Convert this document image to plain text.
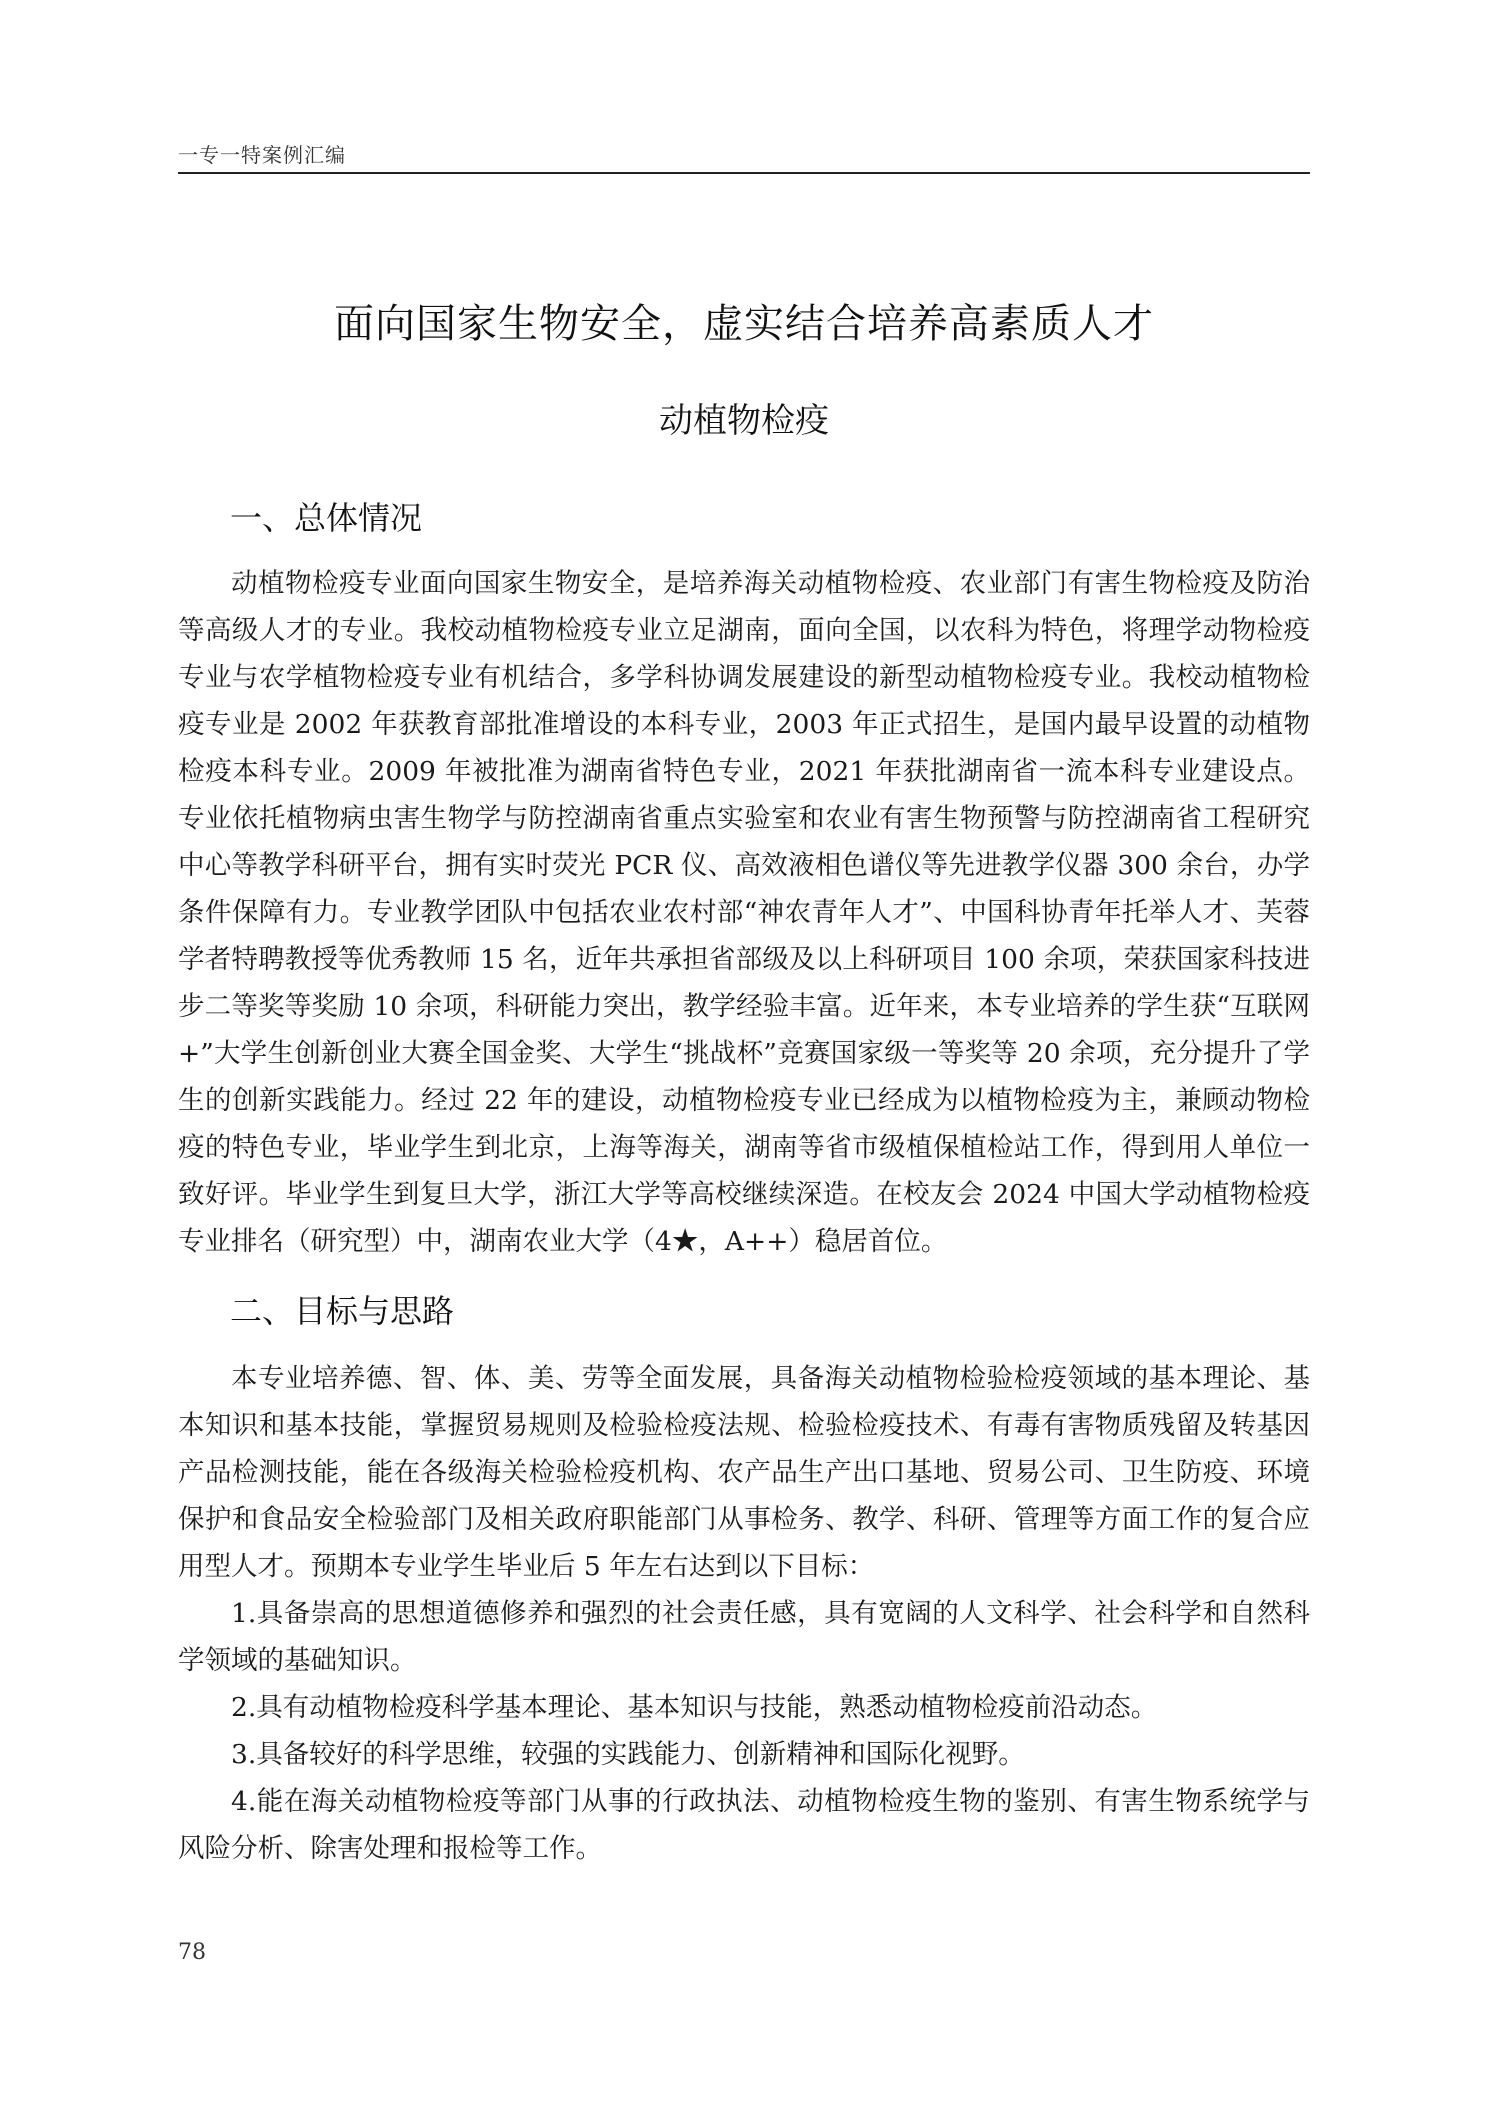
一专一特案例汇编
面向国家生物安全，虚实结合培养高素质人才
动植物检疫
一、总体情况

动植物检疫专业面向国家生物安全，是培养海关动植物检疫、农业部门有害生物检疫及防治等高级人才的专业。我校动植物检疫专业立足湖南，面向全国，以农科为特色，将理学动物检疫专业与农学植物检疫专业有机结合，多学科协调发展建设的新型动植物检疫专业。我校动植物检疫专业是 2002 年获教育部批准增设的本科专业，2003 年正式招生，是国内最早设置的动植物检疫本科专业。2009 年被批准为湖南省特色专业，2021 年获批湖南省一流本科专业建设点。专业依托植物病虫害生物学与防控湖南省重点实验室和农业有害生物预警与防控湖南省工程研究中心等教学科研平台，拥有实时荧光 PCR 仪、高效液相色谱仪等先进教学仪器 300 余台，办学条件保障有力。专业教学团队中包括农业农村部“神农青年人才”、中国科协青年托举人才、芙蓉学者特聘教授等优秀教师 15 名，近年共承担省部级及以上科研项目 100 余项，荣获国家科技进步二等奖等奖励 10 余项，科研能力突出，教学经验丰富。近年来，本专业培养的学生获“互联网+”大学生创新创业大赛全国金奖、大学生“挑战杯”竞赛国家级一等奖等 20 余项，充分提升了学生的创新实践能力。经过 22 年的建设，动植物检疫专业已经成为以植物检疫为主，兼顾动物检疫的特色专业，毕业学生到北京，上海等海关，湖南等省市级植保植检站工作，得到用人单位一致好评。毕业学生到复旦大学，浙江大学等高校继续深造。在校友会 2024 中国大学动植物检疫专业排名（研究型）中，湖南农业大学（4★，A++）稳居首位。

二、目标与思路

本专业培养德、智、体、美、劳等全面发展，具备海关动植物检验检疫领域的基本理论、基本知识和基本技能，掌握贸易规则及检验检疫法规、检验检疫技术、有毒有害物质残留及转基因产品检测技能，能在各级海关检验检疫机构、农产品生产出口基地、贸易公司、卫生防疫、环境保护和食品安全检验部门及相关政府职能部门从事检务、教学、科研、管理等方面工作的复合应用型人才。预期本专业学生毕业后 5 年左右达到以下目标：

1.具备崇高的思想道德修养和强烈的社会责任感，具有宽阔的人文科学、社会科学和自然科学领域的基础知识。

2.具有动植物检疫科学基本理论、基本知识与技能，熟悉动植物检疫前沿动态。

3.具备较好的科学思维，较强的实践能力、创新精神和国际化视野。

4.能在海关动植物检疫等部门从事的行政执法、动植物检疫生物的鉴别、有害生物系统学与风险分析、除害处理和报检等工作。

78
